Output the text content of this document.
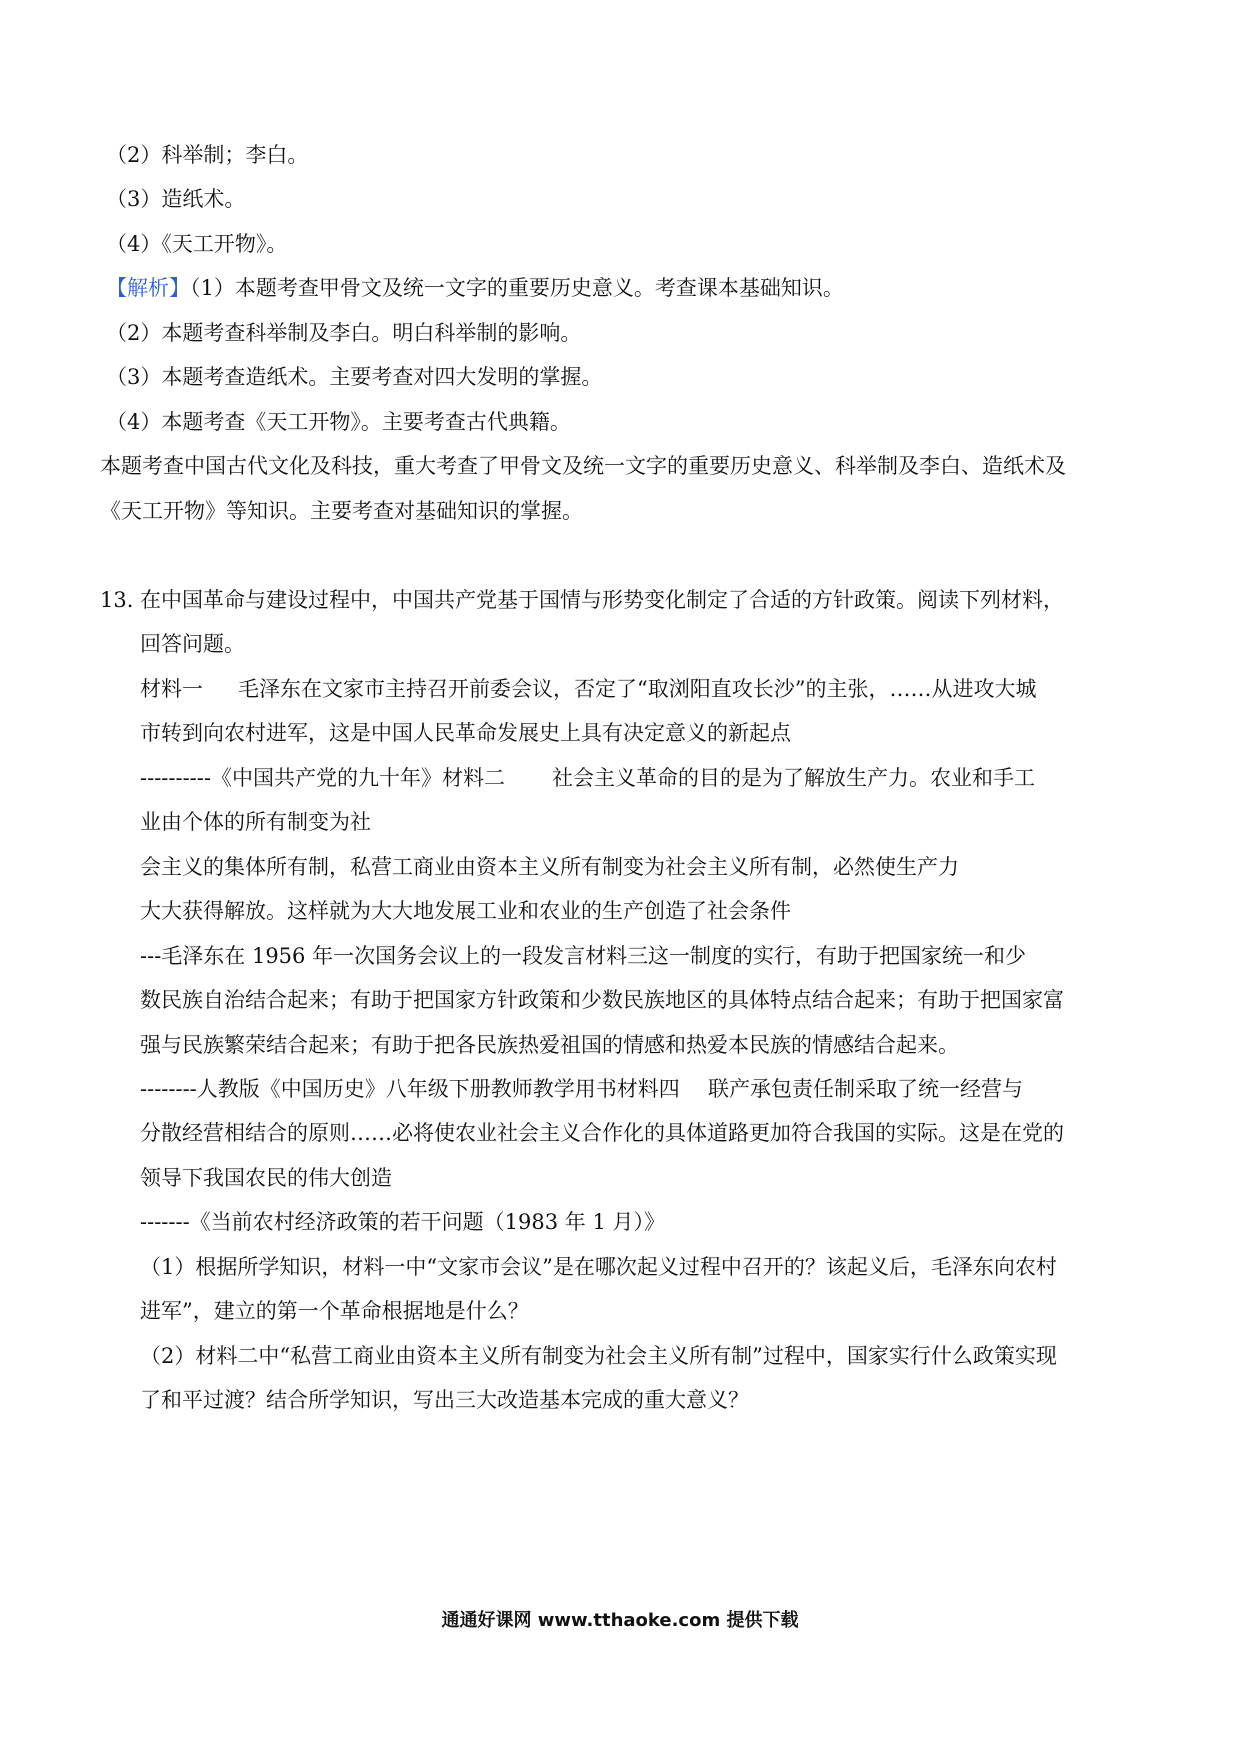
（2）科举制；李白。
（3）造纸术。
（4）《天工开物》。
【解析】（1）本题考查甲骨文及统一文字的重要历史意义。考查课本基础知识。
（2）本题考查科举制及李白。明白科举制的影响。
（3）本题考查造纸术。主要考查对四大发明的掌握。
（4）本题考查《天工开物》。主要考查古代典籍。
本题考查中国古代文化及科技，重大考查了甲骨文及统一文字的重要历史意义、科举制及李白、造纸术及
《天工开物》等知识。主要考查对基础知识的掌握。
13. 在中国革命与建设过程中，中国共产党基于国情与形势变化制定了合适的方针政策。阅读下列材料，
回答问题。
材料一 毛泽东在文家市主持召开前委会议，否定了“取浏阳直攻长沙”的主张，……从进攻大城
市转到向农村进军，这是中国人民革命发展史上具有决定意义的新起点
----------《中国共产党的九十年》材料二 社会主义革命的目的是为了解放生产力。农业和手工
业由个体的所有制变为社
会主义的集体所有制，私营工商业由资本主义所有制变为社会主义所有制，必然使生产力
大大获得解放。这样就为大大地发展工业和农业的生产创造了社会条件
---毛泽东在 1956 年一次国务会议上的一段发言材料三 这一制度的实行，有助于把国家统一和少
数民族自治结合起来；有助于把国家方针政策和少数民族地区的具体特点结合起来；有助于把国家富
强与民族繁荣结合起来；有助于把各民族热爱祖国的情感和热爱本民族的情感结合起来。
--------人教版《中国历史》八年级下册教师教学用书材料四 联产承包责任制采取了统一经营与
分散经营相结合的原则……必将使农业社会主义合作化的具体道路更加符合我国的实际。这是在党的
领导下我国农民的伟大创造
-------《当前农村经济政策的若干问题（1983 年 1 月）》
（1）根据所学知识，材料一中“文家市会议”是在哪次起义过程中召开的？该起义后，毛泽东向农村
进军”，建立的第一个革命根据地是什么？
（2）材料二中“私营工商业由资本主义所有制变为社会主义所有制”过程中，国家实行什么政策实现
了和平过渡？结合所学知识，写出三大改造基本完成的重大意义？
通通好课网 www.tthaoke.com 提供下载
